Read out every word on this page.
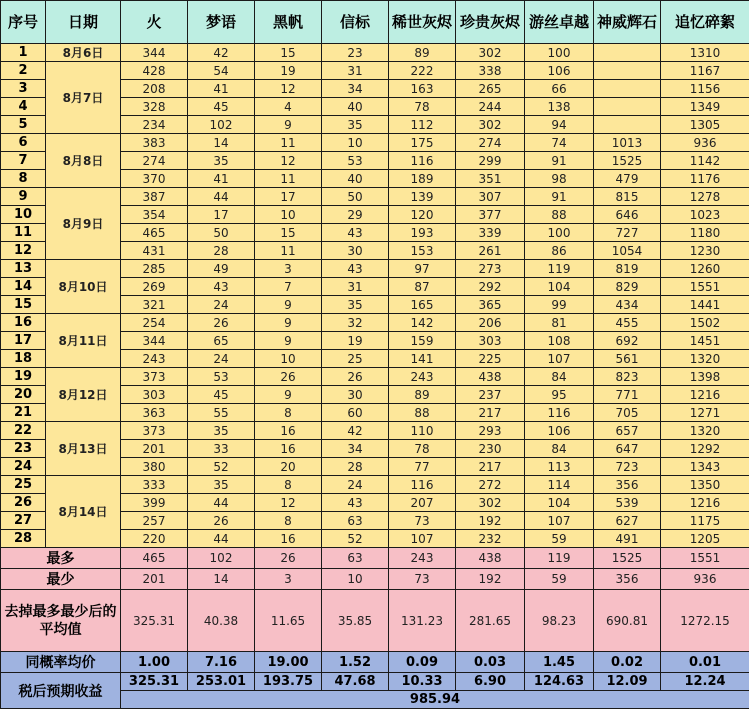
序号	日期	火	梦语	黑帆	信标	稀世灰烬	珍贵灰烬	游丝卓越	神威辉石	追忆碎絮
1	8月6日	344	42	15	23	89	302	100		1310
2	8月7日	428	54	19	31	222	338	106		1167
3		208	41	12	34	163	265	66		1156
4		328	45	4	40	78	244	138		1349
5		234	102	9	35	112	302	94		1305
6	8月8日	383	14	11	10	175	274	74	1013	936
7		274	35	12	53	116	299	91	1525	1142
8		370	41	11	40	189	351	98	479	1176
9	8月9日	387	44	17	50	139	307	91	815	1278
10		354	17	10	29	120	377	88	646	1023
11		465	50	15	43	193	339	100	727	1180
12		431	28	11	30	153	261	86	1054	1230
13	8月10日	285	49	3	43	97	273	119	819	1260
14		269	43	7	31	87	292	104	829	1551
15		321	24	9	35	165	365	99	434	1441
16	8月11日	254	26	9	32	142	206	81	455	1502
17		344	65	9	19	159	303	108	692	1451
18		243	24	10	25	141	225	107	561	1320
19	8月12日	373	53	26	26	243	438	84	823	1398
20		303	45	9	30	89	237	95	771	1216
21		363	55	8	60	88	217	116	705	1271
22	8月13日	373	35	16	42	110	293	106	657	1320
23		201	33	16	34	78	230	84	647	1292
24		380	52	20	28	77	217	113	723	1343
25	8月14日	333	35	8	24	116	272	114	356	1350
26		399	44	12	43	207	302	104	539	1216
27		257	26	8	63	73	192	107	627	1175
28		220	44	16	52	107	232	59	491	1205
最多		465	102	26	63	243	438	119	1525	1551
最少		201	14	3	10	73	192	59	356	936
去掉最多最少后的平均值		325.31	40.38	11.65	35.85	131.23	281.65	98.23	690.81	1272.15
同概率均价		1.00	7.16	19.00	1.52	0.09	0.03	1.45	0.02	0.01
税后预期收益		325.31	253.01	193.75	47.68	10.33	6.90	124.63	12.09	12.24
		985.94								
